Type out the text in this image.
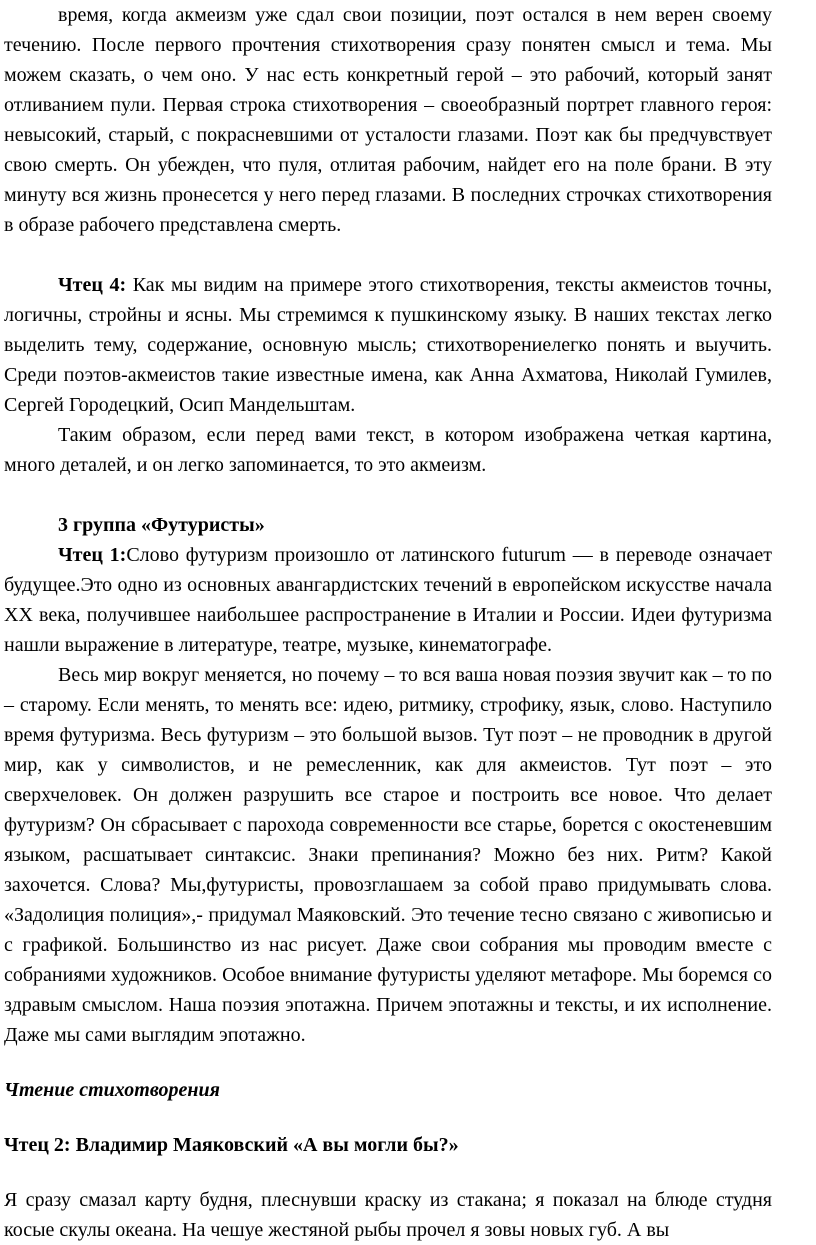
время, когда акмеизм уже сдал свои позиции, поэт остался в нем верен своему течению. После первого прочтения стихотворения сразу понятен смысл и тема. Мы можем сказать, о чем оно. У нас есть конкретный герой – это рабочий, который занят отливанием пули. Первая строка стихотворения – своеобразный портрет главного героя: невысокий, старый, с покрасневшими от усталости глазами. Поэт как бы предчувствует свою смерть. Он убежден, что пуля, отлитая рабочим, найдет его на поле брани. В эту минуту вся жизнь пронесется у него перед глазами. В последних строчках стихотворения в образе рабочего представлена смерть.

Чтец 4: Как мы видим на примере этого стихотворения, тексты акмеистов точны, логичны, стройны и ясны. Мы стремимся к пушкинскому языку. В наших текстах легко выделить тему, содержание, основную мысль; стихотворениелегко понять и выучить. Среди поэтов-акмеистов такие известные имена, как Анна Ахматова, Николай Гумилев, Сергей Городецкий, Осип Мандельштам.

Таким образом, если перед вами текст, в котором изображена четкая картина, много деталей, и он легко запоминается, то это акмеизм.

3 группа «Футуристы»

Чтец 1:Слово футуризм произошло от латинского futurum — в переводе означает будущее.Это одно из основных авангардистских течений в европейском искусстве начала XX века, получившее наибольшее распространение в Италии и России. Идеи футуризма нашли выражение в литературе, театре, музыке, кинематографе.

Весь мир вокруг меняется, но почему – то вся ваша новая поэзия звучит как – то по – старому. Если менять, то менять все: идею, ритмику, строфику, язык, слово. Наступило время футуризма. Весь футуризм – это большой вызов. Тут поэт – не проводник в другой мир, как у символистов, и не ремесленник, как для акмеистов. Тут поэт – это сверхчеловек. Он должен разрушить все старое и построить все новое. Что делает футуризм? Он сбрасывает с парохода современности все старье, борется с окостеневшим языком, расшатывает синтаксис. Знаки препинания? Можно без них. Ритм? Какой захочется. Слова? Мы,футуристы, провозглашаем за собой право придумывать слова. «Задолиция полиция»,- придумал Маяковский. Это течение тесно связано с живописью и с графикой. Большинство из нас рисует. Даже свои собрания мы проводим вместе с собраниями художников. Особое внимание футуристы уделяют метафоре. Мы боремся со здравым смыслом. Наша поэзия эпотажна. Причем эпотажны и тексты, и их исполнение. Даже мы сами выглядим эпотажно.

Чтение стихотворения

Чтец 2: Владимир Маяковский «А вы могли бы?»

Я сразу смазал карту будня, плеснувши краску из стакана; я показал на блюде студня косые скулы океана. На чешуе жестяной рыбы прочел я зовы новых губ. А вы
